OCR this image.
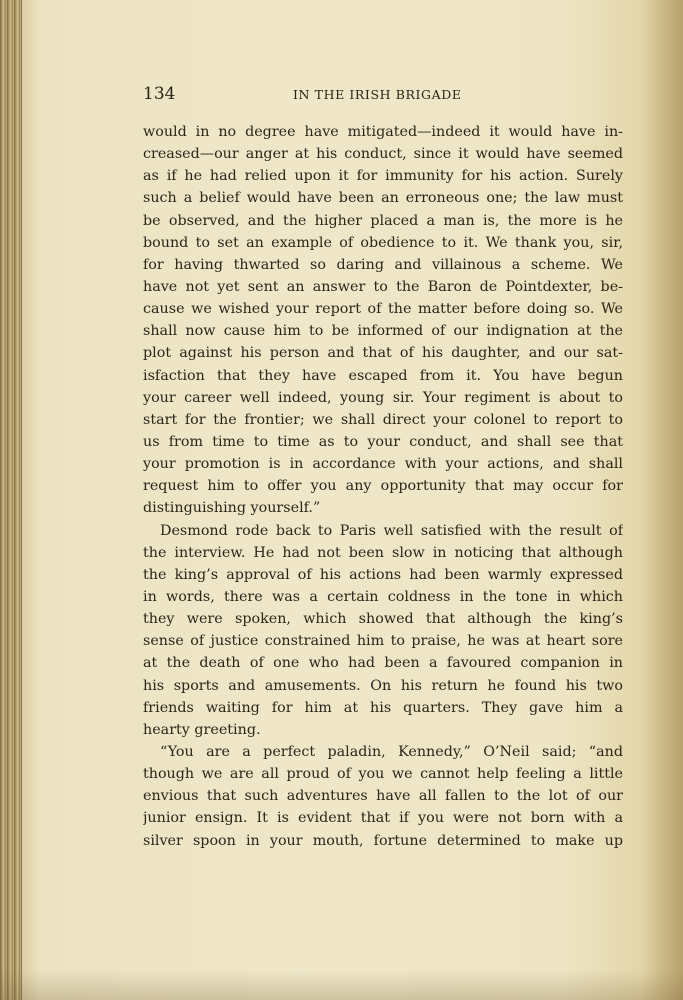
134	IN THE IRISH BRIGADE
would in no degree have mitigated—indeed it would have in-
creased—our anger at his conduct, since it would have seemed
as if he had relied upon it for immunity for his action. Surely
such a belief would have been an erroneous one; the law must
be observed, and the higher placed a man is, the more is he
bound to set an example of obedience to it. We thank you, sir,
for having thwarted so daring and villainous a scheme. We
have not yet sent an answer to the Baron de Pointdexter, be-
cause we wished your report of the matter before doing so. We
shall now cause him to be informed of our indignation at the
plot against his person and that of his daughter, and our sat-
isfaction that they have escaped from it. You have begun
your career well indeed, young sir. Your regiment is about to
start for the frontier; we shall direct your colonel to report to
us from time to time as to your conduct, and shall see that
your promotion is in accordance with your actions, and shall
request him to offer you any opportunity that may occur for
distinguishing yourself.”
Desmond rode back to Paris well satisfied with the result of
the interview. He had not been slow in noticing that although
the king’s approval of his actions had been warmly expressed
in words, there was a certain coldness in the tone in which
they were spoken, which showed that although the king’s
sense of justice constrained him to praise, he was at heart sore
at the death of one who had been a favoured companion in
his sports and amusements. On his return he found his two
friends waiting for him at his quarters. They gave him a
hearty greeting.
“You are a perfect paladin, Kennedy,” O’Neil said; “and
though we are all proud of you we cannot help feeling a little
envious that such adventures have all fallen to the lot of our
junior ensign. It is evident that if you were not born with a
silver spoon in your mouth, fortune determined to make up
